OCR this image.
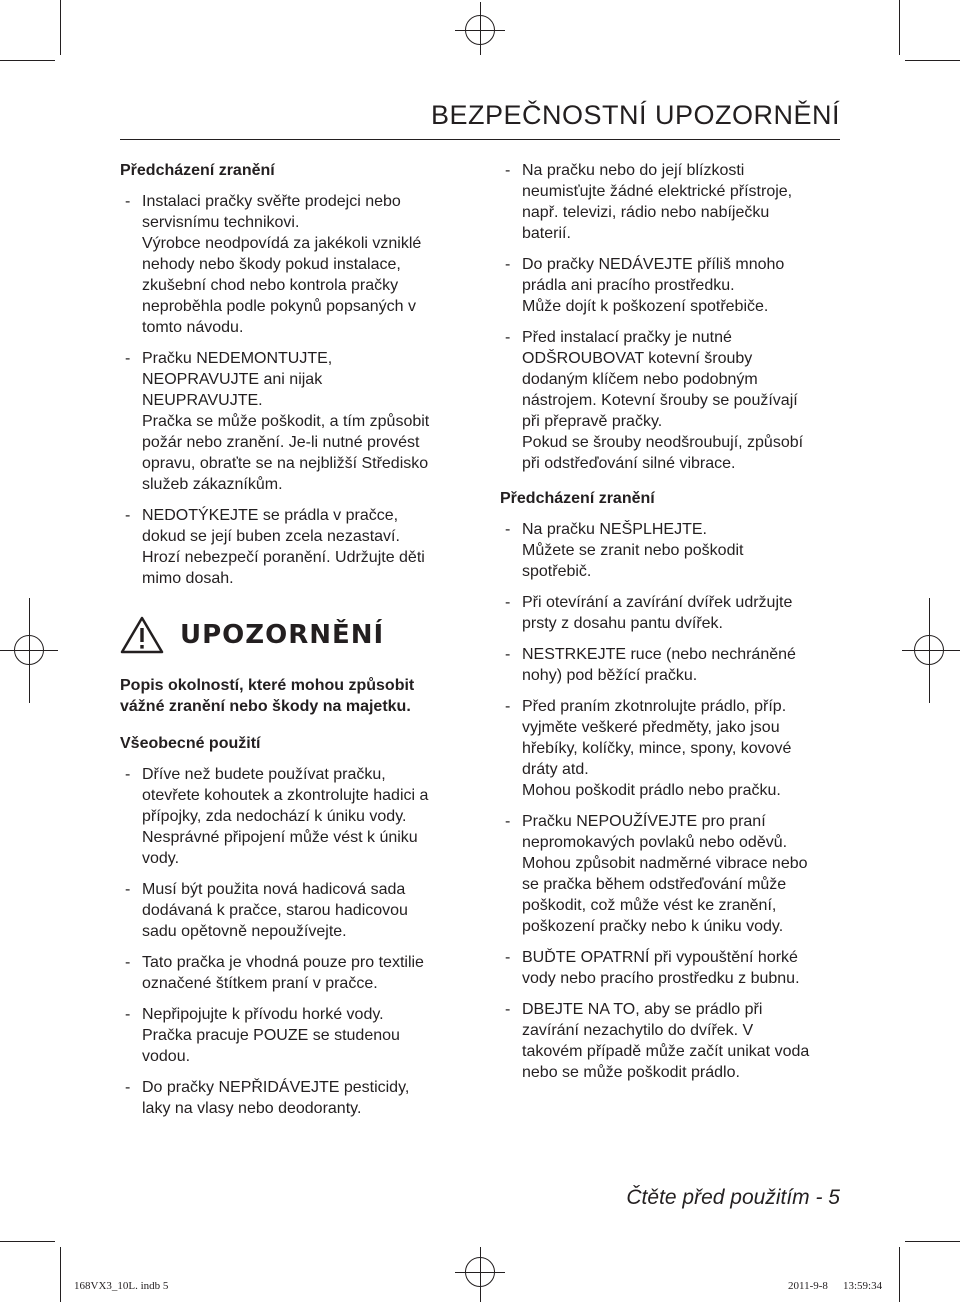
BEZPEČNOSTNÍ UPOZORNĚNÍ
Předcházení zranění
- Instalaci pračky svěřte prodejci nebo
servisnímu technikovi.
Výrobce neodpovídá za jakékoli vzniklé
nehody nebo škody pokud instalace,
zkušební chod nebo kontrola pračky
neproběhla podle pokynů popsaných v
tomto návodu.
- Pračku NEDEMONTUJTE,
NEOPRAVUJTE ani nijak
NEUPRAVUJTE.
Pračka se může poškodit, a tím způsobit
požár nebo zranění. Je-li nutné provést
opravu, obraťte se na nejbližší Středisko
služeb zákazníkům.
- NEDOTÝKEJTE se prádla v pračce,
dokud se její buben zcela nezastaví.
Hrozí nebezpečí poranění. Udržujte děti
mimo dosah.
UPOZORNĚNÍ
Popis okolností, které mohou způsobit
vážné zranění nebo škody na majetku.
Všeobecné použití
- Dříve než budete používat pračku,
otevřete kohoutek a zkontrolujte hadici a
přípojky, zda nedochází k úniku vody.
Nesprávné připojení může vést k úniku
vody.
- Musí být použita nová hadicová sada
dodávaná k pračce, starou hadicovou
sadu opětovně nepoužívejte.
- Tato pračka je vhodná pouze pro textilie
označené štítkem praní v pračce.
- Nepřipojujte k přívodu horké vody.
Pračka pracuje POUZE se studenou
vodou.
- Do pračky NEPŘIDÁVEJTE pesticidy,
laky na vlasy nebo deodoranty.
- Na pračku nebo do její blízkosti
neumisťujte žádné elektrické přístroje,
např. televizi, rádio nebo nabíječku
baterií.
- Do pračky NEDÁVEJTE příliš mnoho
prádla ani pracího prostředku.
Může dojít k poškození spotřebiče.
- Před instalací pračky je nutné
ODŠROUBOVAT kotevní šrouby
dodaným klíčem nebo podobným
nástrojem. Kotevní šrouby se používají
při přepravě pračky.
Pokud se šrouby neodšroubují, způsobí
při odstřeďování silné vibrace.
Předcházení zranění
- Na pračku NEŠPLHEJTE.
Můžete se zranit nebo poškodit
spotřebič.
- Při otevírání a zavírání dvířek udržujte
prsty z dosahu pantu dvířek.
- NESTRKEJTE ruce (nebo nechráněné
nohy) pod běžící pračku.
- Před praním zkotnrolujte prádlo, příp.
vyjměte veškeré předměty, jako jsou
hřebíky, kolíčky, mince, spony, kovové
dráty atd.
Mohou poškodit prádlo nebo pračku.
- Pračku NEPOUŽÍVEJTE pro praní
nepromokavých povlaků nebo oděvů.
Mohou způsobit nadměrné vibrace nebo
se pračka během odstřeďování může
poškodit, což může vést ke zranění,
poškození pračky nebo k úniku vody.
- BUĎTE OPATRNÍ při vypouštění horké
vody nebo pracího prostředku z bubnu.
- DBEJTE NA TO, aby se prádlo při
zavírání nezachytilo do dvířek. V
takovém případě může začít unikat voda
nebo se může poškodit prádlo.
Čtěte před použitím - 5
168VX3_10L. indb 5	2011-9-8 13:59:34
